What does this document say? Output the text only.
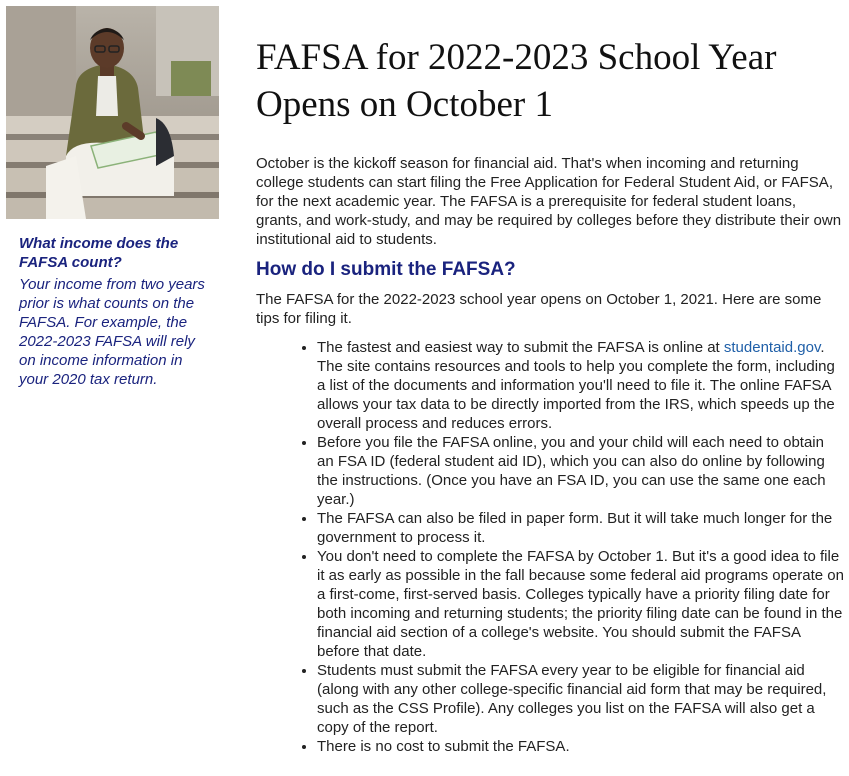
What income does the FAFSA count?

Your income from two years prior is what counts on the FAFSA. For example, the 2022-2023 FAFSA will rely on income information in your 2020 tax return.

FAFSA for 2022-2023 School Year Opens on October 1

October is the kickoff season for financial aid. That's when incoming and returning college students can start filing the Free Application for Federal Student Aid, or FAFSA, for the next academic year. The FAFSA is a prerequisite for federal student loans, grants, and work-study, and may be required by colleges before they distribute their own institutional aid to students.

How do I submit the FAFSA?

The FAFSA for the 2022-2023 school year opens on October 1, 2021. Here are some tips for filing it.

• The fastest and easiest way to submit the FAFSA is online at studentaid.gov. The site contains resources and tools to help you complete the form, including a list of the documents and information you'll need to file it. The online FAFSA allows your tax data to be directly imported from the IRS, which speeds up the overall process and reduces errors.
• Before you file the FAFSA online, you and your child will each need to obtain an FSA ID (federal student aid ID), which you can also do online by following the instructions. (Once you have an FSA ID, you can use the same one each year.)
• The FAFSA can also be filed in paper form. But it will take much longer for the government to process it.
• You don't need to complete the FAFSA by October 1. But it's a good idea to file it as early as possible in the fall because some federal aid programs operate on a first-come, first-served basis. Colleges typically have a priority filing date for both incoming and returning students; the priority filing date can be found in the financial aid section of a college's website. You should submit the FAFSA before that date.
• Students must submit the FAFSA every year to be eligible for financial aid (along with any other college-specific financial aid form that may be required, such as the CSS Profile). Any colleges you list on the FAFSA will also get a copy of the report.
• There is no cost to submit the FAFSA.
